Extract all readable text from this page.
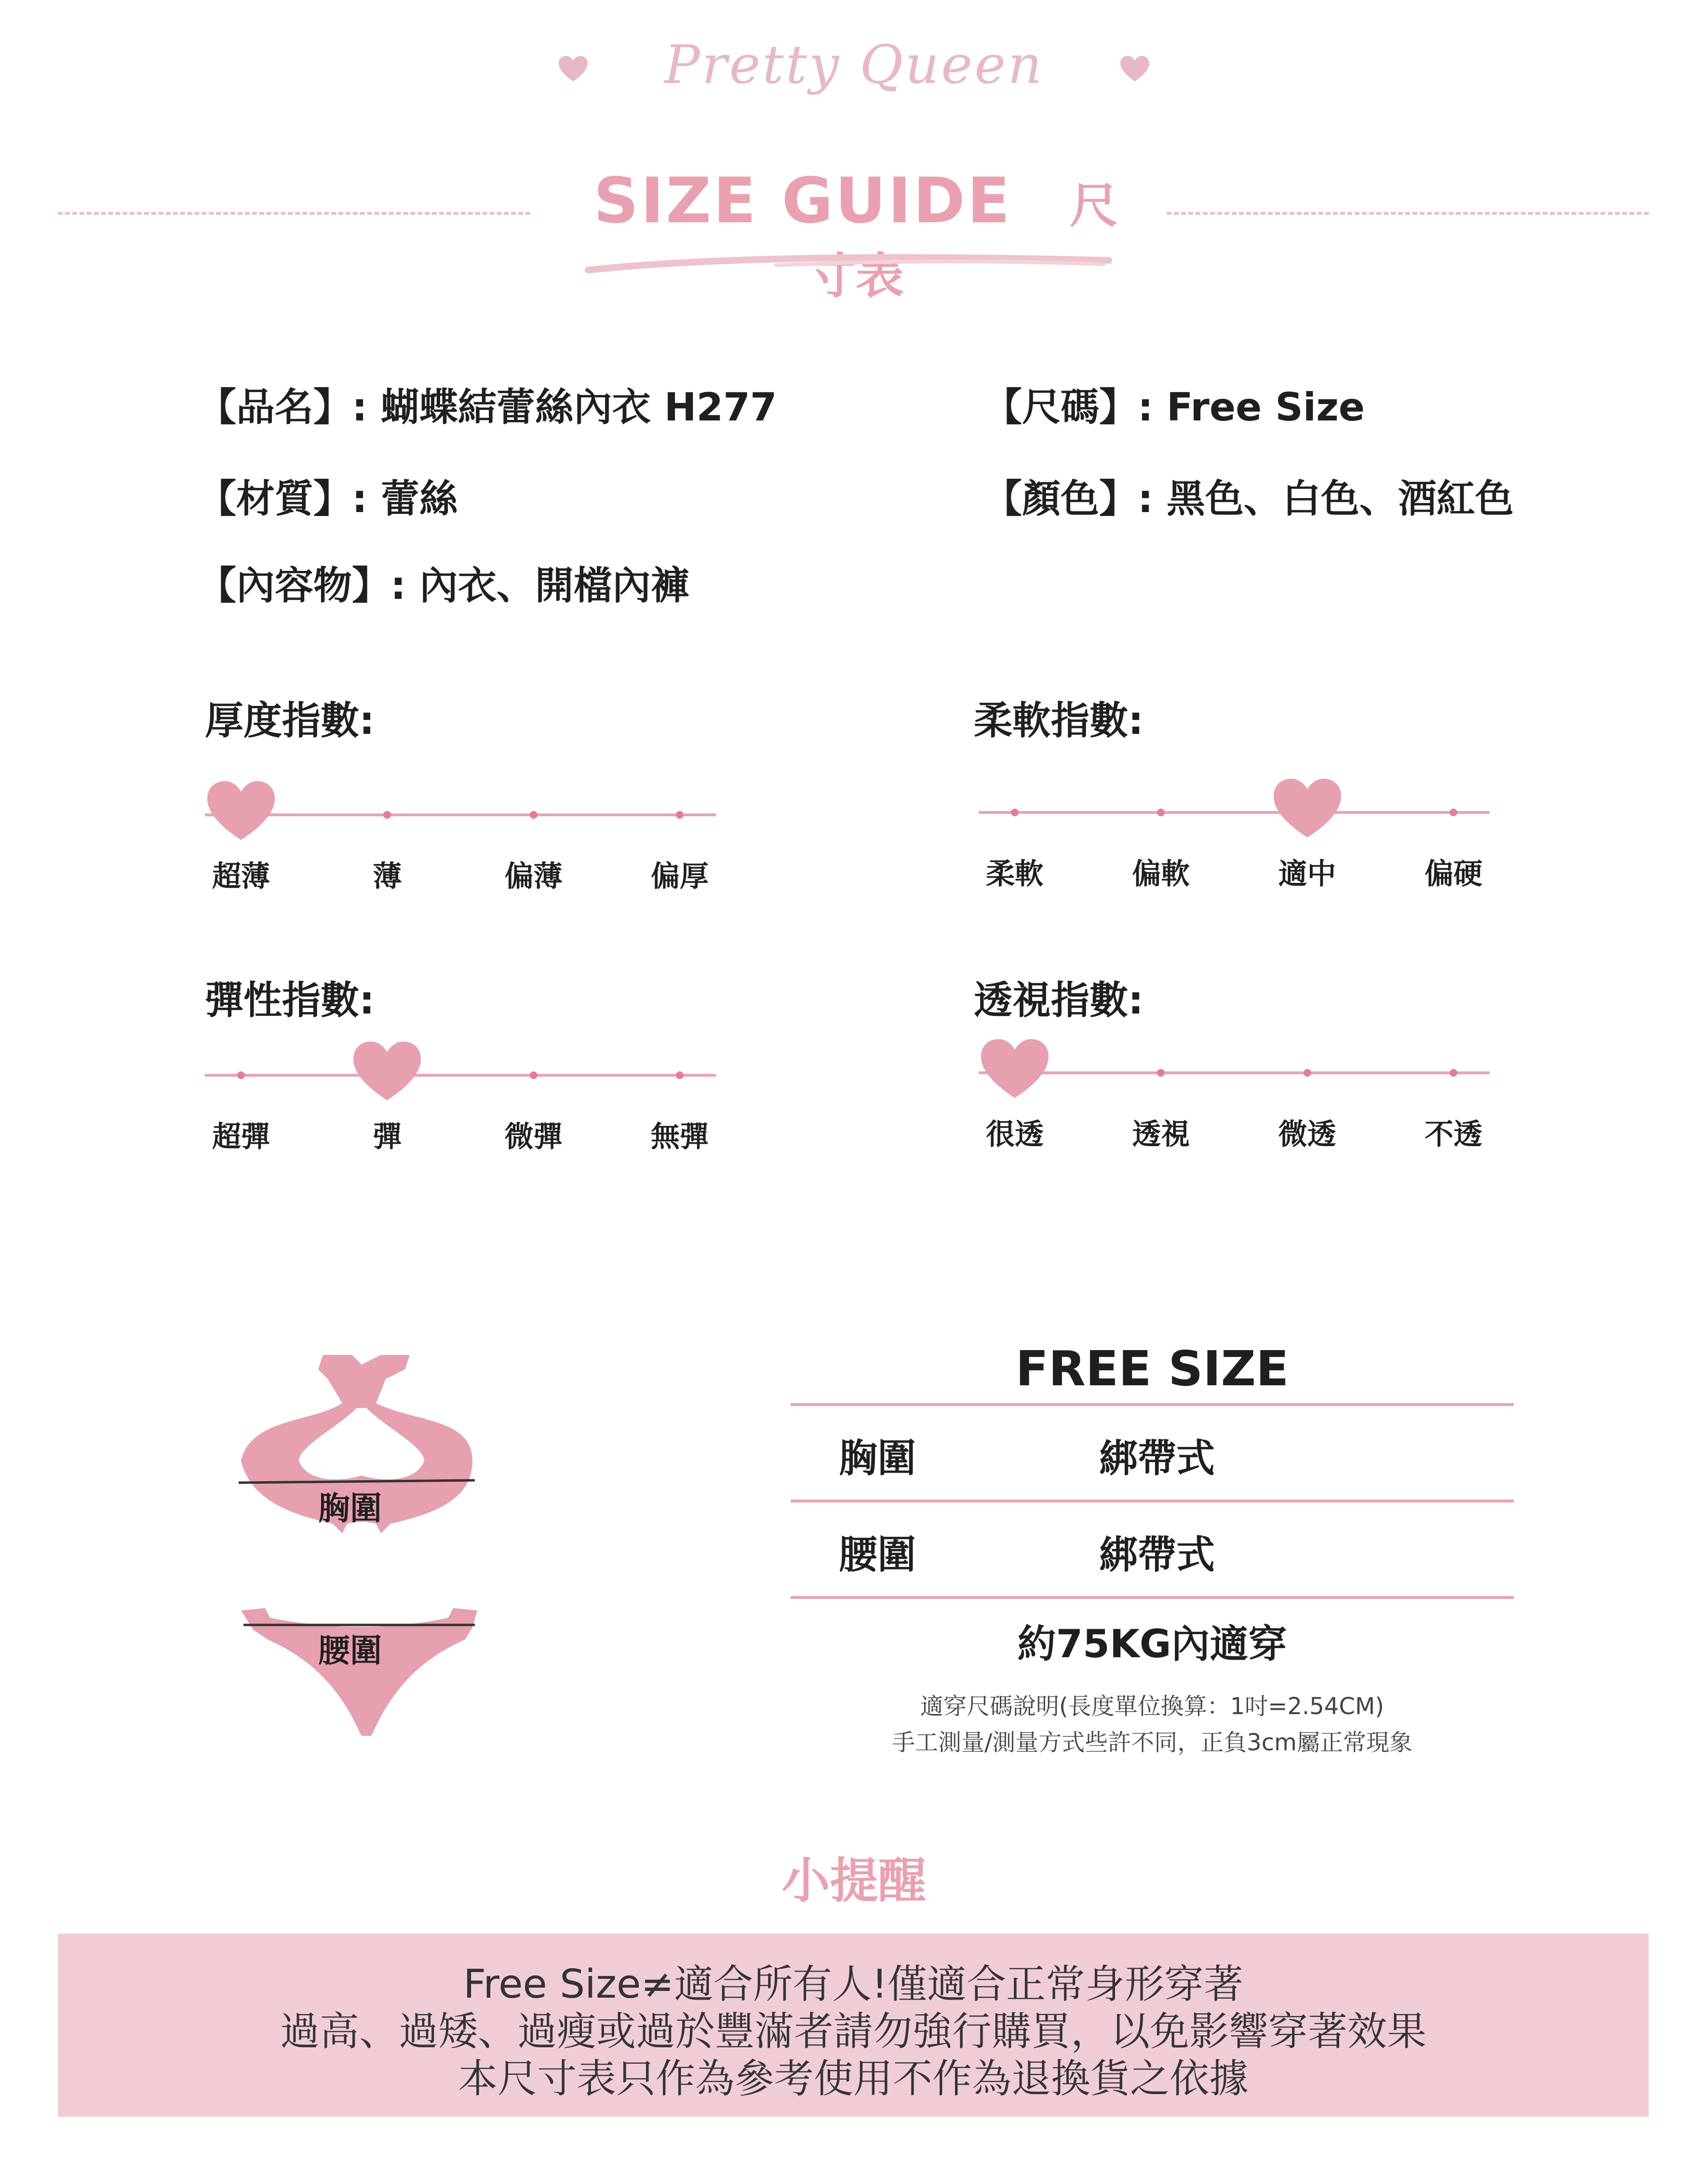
Pretty Queen
SIZE GUIDE 尺寸表
【品名】: 蝴蝶結蕾絲內衣 H277	【尺碼】: Free Size
【材質】: 蕾絲	【顏色】: 黑色、白色、酒紅色
【內容物】: 內衣、開檔內褲
厚度指數:	柔軟指數:
彈性指數:	透視指數:
超薄	薄	偏薄	偏厚	柔軟	偏軟	適中	偏硬
超彈	彈	微彈	無彈	很透	透視	微透	不透
胸圍
腰圍
FREE SIZE
胸圍	綁帶式
腰圍	綁帶式
約75KG內適穿
適穿尺碼說明(長度單位換算：1吋=2.54CM)
手工測量/測量方式些許不同，正負3cm屬正常現象
小提醒
Free Size≠適合所有人!僅適合正常身形穿著
過高、過矮、過瘦或過於豐滿者請勿強行購買，以免影響穿著效果
本尺寸表只作為參考使用不作為退換貨之依據
